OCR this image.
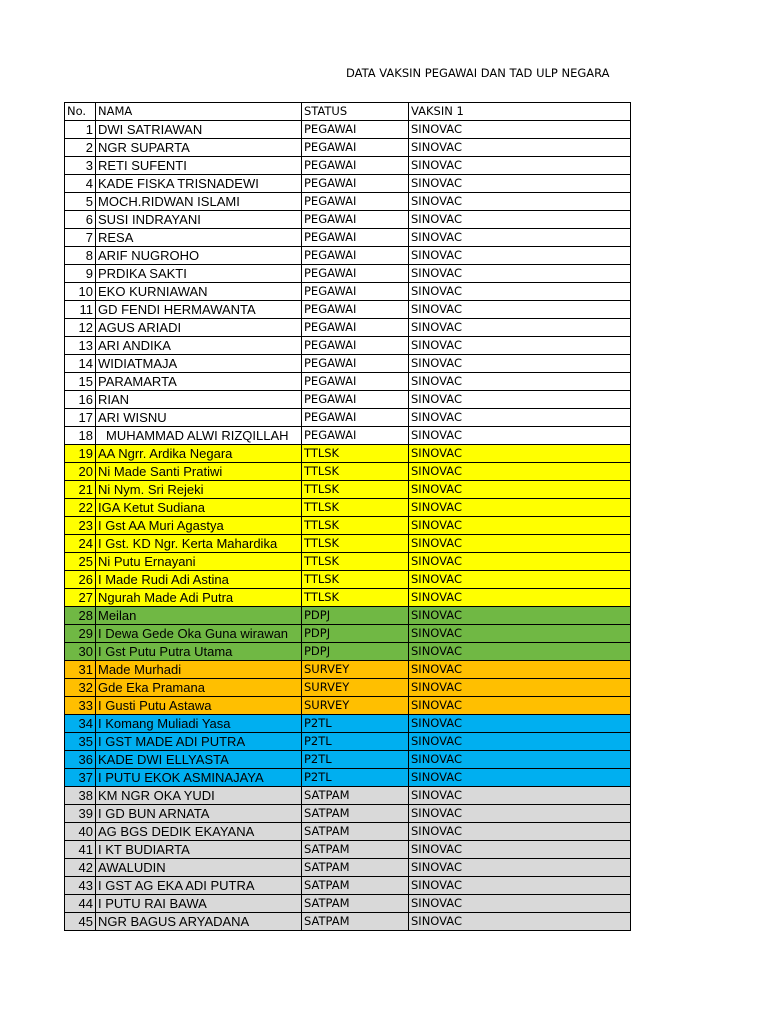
DATA VAKSIN PEGAWAI DAN TAD ULP NEGARA
No.	NAMA	STATUS	VAKSIN 1
1	DWI SATRIAWAN	PEGAWAI	SINOVAC
2	NGR SUPARTA	PEGAWAI	SINOVAC
3	RETI SUFENTI	PEGAWAI	SINOVAC
4	KADE FISKA TRISNADEWI	PEGAWAI	SINOVAC
5	MOCH.RIDWAN ISLAMI	PEGAWAI	SINOVAC
6	SUSI INDRAYANI	PEGAWAI	SINOVAC
7	RESA	PEGAWAI	SINOVAC
8	ARIF NUGROHO	PEGAWAI	SINOVAC
9	PRDIKA SAKTI	PEGAWAI	SINOVAC
10	EKO KURNIAWAN	PEGAWAI	SINOVAC
11	GD FENDI HERMAWANTA	PEGAWAI	SINOVAC
12	AGUS ARIADI	PEGAWAI	SINOVAC
13	ARI ANDIKA	PEGAWAI	SINOVAC
14	WIDIATMAJA	PEGAWAI	SINOVAC
15	PARAMARTA	PEGAWAI	SINOVAC
16	RIAN	PEGAWAI	SINOVAC
17	ARI WISNU	PEGAWAI	SINOVAC
18	MUHAMMAD ALWI RIZQILLAH	PEGAWAI	SINOVAC
19	AA Ngrr. Ardika Negara	TTLSK	SINOVAC
20	Ni Made Santi Pratiwi	TTLSK	SINOVAC
21	Ni Nym. Sri Rejeki	TTLSK	SINOVAC
22	IGA Ketut Sudiana	TTLSK	SINOVAC
23	I Gst AA Muri Agastya	TTLSK	SINOVAC
24	I Gst. KD Ngr. Kerta Mahardika	TTLSK	SINOVAC
25	Ni Putu Ernayani	TTLSK	SINOVAC
26	I Made Rudi Adi Astina	TTLSK	SINOVAC
27	Ngurah Made Adi Putra	TTLSK	SINOVAC
28	Meilan	PDPJ	SINOVAC
29	I Dewa Gede Oka Guna wirawan	PDPJ	SINOVAC
30	I Gst Putu Putra Utama	PDPJ	SINOVAC
31	Made Murhadi	SURVEY	SINOVAC
32	Gde Eka Pramana	SURVEY	SINOVAC
33	I Gusti Putu Astawa	SURVEY	SINOVAC
34	I Komang Muliadi Yasa	P2TL	SINOVAC
35	I GST MADE ADI PUTRA	P2TL	SINOVAC
36	KADE DWI ELLYASTA	P2TL	SINOVAC
37	I PUTU EKOK ASMINAJAYA	P2TL	SINOVAC
38	KM NGR OKA YUDI	SATPAM	SINOVAC
39	I GD BUN ARNATA	SATPAM	SINOVAC
40	AG BGS DEDIK EKAYANA	SATPAM	SINOVAC
41	I KT BUDIARTA	SATPAM	SINOVAC
42	AWALUDIN	SATPAM	SINOVAC
43	I GST AG EKA ADI PUTRA	SATPAM	SINOVAC
44	I PUTU RAI BAWA	SATPAM	SINOVAC
45	NGR BAGUS ARYADANA	SATPAM	SINOVAC
